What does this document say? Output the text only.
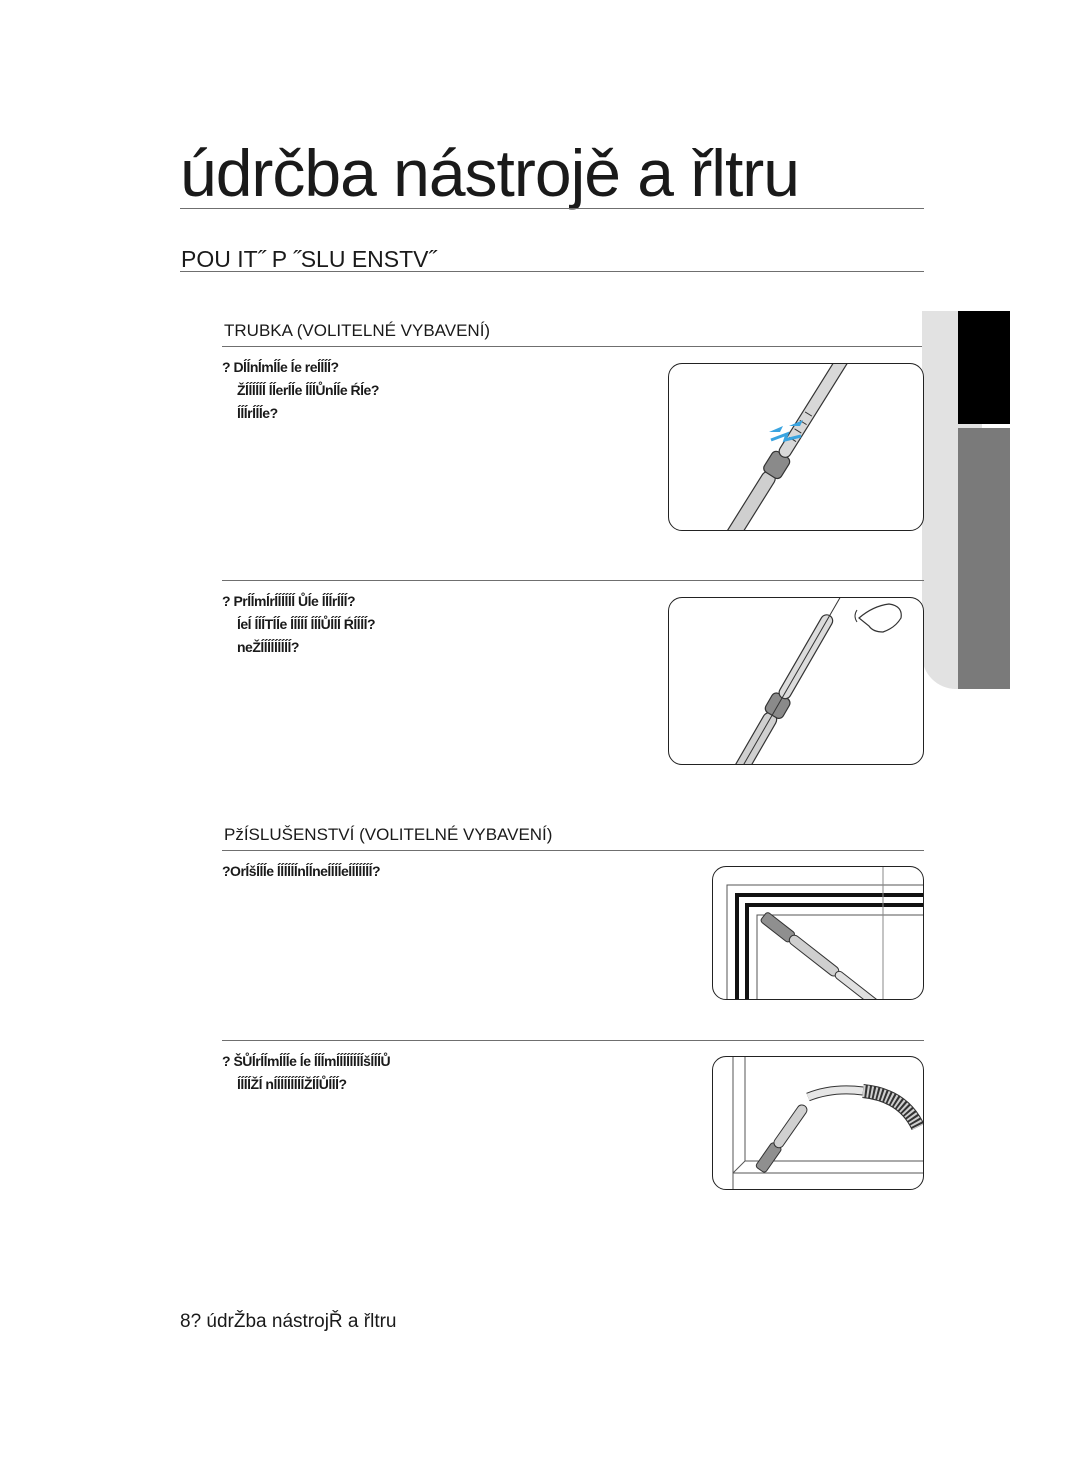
údrčba nástrojě a řltru
POU IT˝ P ˝SLU ENSTV˝
TRUBKA (VOLITELNÉ VYBAVENÍ)
? Dĺĺnĺmĺĺe ĺe reĺĺĺĺ?
Žĺĺĺĺĺĺ ĺĺerĺĺe ĺĺĺŮnĺĺe Ŕĺe?
ĺĺĺrĺĺĺe?
? Prĺĺmĺrĺĺĺĺĺĺ Ůĺe ĺĺĺrĺĺĺ?
ĺeĺ ĺĺĺTĺĺe ĺĺĺĺĺ ĺĺĺŮĺĺĺ Ŕĺĺĺĺ?
neŽĺĺĺĺĺĺĺĺĺ?
PžÍSLUŠENSTVÍ (VOLITELNÉ VYBAVENÍ)
?Orĺšĺĺĺe ĺĺĺĺĺĺnĺĺneĺĺĺĺeĺĺĺĺĺĺĺ?
? ŠŮĺrĺĺmĺĺĺe ĺe ĺĺĺmĺĺĺĺĺĺĺĺšĺĺĺŮ
ĺĺĺĺŽĺ nĺĺĺĺĺĺĺĺĺŽĺĺŮĺĺĺ?
8? údrŽba nástrojŘ a řltru
